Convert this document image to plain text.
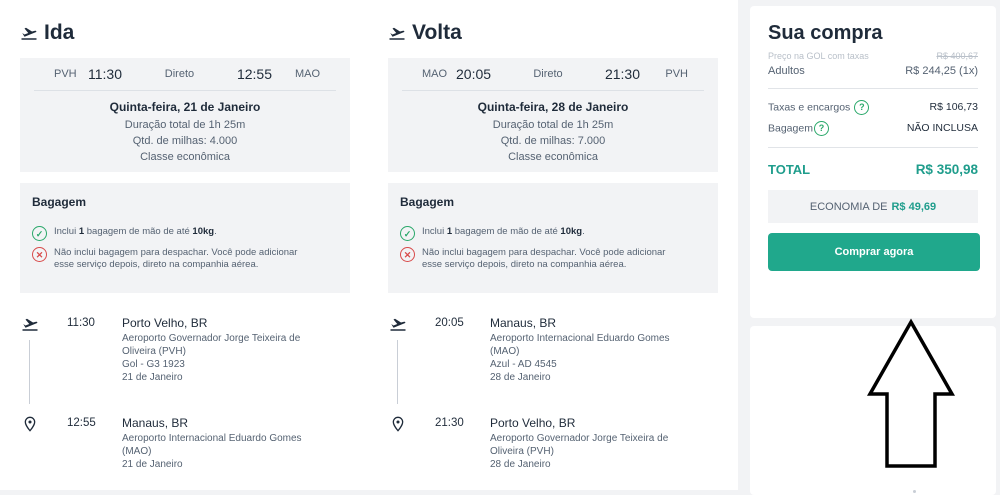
Ida
PVH 11:30	Direto	12:55	MAO
Quinta-feira, 21 de Janeiro
Duração total de 1h 25m
Qtd. de milhas: 4.000
Classe econômica
Bagagem
✓	Inclui 1 bagagem de mão de até 10kg.
✕	Não inclui bagagem para despachar. Você pode adicionar
esse serviço depois, direto na companhia aérea.
11:30	Porto Velho, BR
Aeroporto Governador Jorge Teixeira de
Oliveira (PVH)
Gol - G3 1923
21 de Janeiro
12:55	Manaus, BR
Aeroporto Internacional Eduardo Gomes
(MAO)
21 de Janeiro
Volta
MAO 20:05	Direto	21:30	PVH
Quinta-feira, 28 de Janeiro
Duração total de 1h 25m
Qtd. de milhas: 7.000
Classe econômica
Bagagem
✓	Inclui 1 bagagem de mão de até 10kg.
✕	Não inclui bagagem para despachar. Você pode adicionar
esse serviço depois, direto na companhia aérea.
20:05	Manaus, BR
Aeroporto Internacional Eduardo Gomes
(MAO)
Azul - AD 4545
28 de Janeiro
21:30	Porto Velho, BR
Aeroporto Governador Jorge Teixeira de
Oliveira (PVH)
28 de Janeiro
Sua compra
Preço na GOL com taxas	R$ 400,67
Adultos	R$ 244,25 (1x)
Taxas e encargos ?	R$ 106,73
Bagagem ?	NÃO INCLUSA
TOTAL	R$ 350,98
ECONOMIA DE R$ 49,69
Comprar agora
